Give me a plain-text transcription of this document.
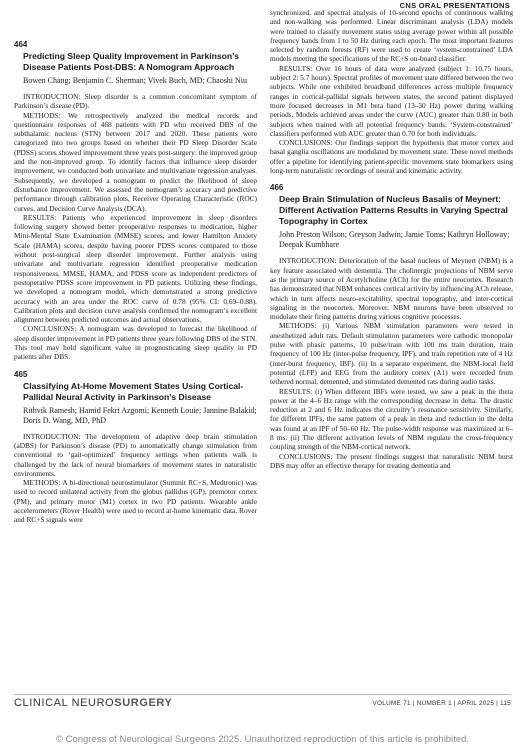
CNS ORAL PRESENTATIONS
464
Predicting Sleep Quality Improvement in Parkinson’s Disease Patients Post-DBS: A Nomogram Approach
Bowen Chang; Benjamin C. Sherman; Vivek Buch, MD; Chaoshi Niu

INTRODUCTION: Sleep disorder is a common concomitant symptom of Parkinson’s disease (PD).

METHODS: We retrospectively analyzed the medical records and questionnaire responses of 468 patients with PD who received DBS of the subthalamic nucleus (STN) between 2017 and 2020. These patients were categorized into two groups based on whether their PD Sleep Disorder Scale (PDSS) scores showed improvement three years post-surgery: the improved group and the non-improved group. To identify factors that influence sleep disorder improvement, we conducted both univariate and multivariate regression analyses. Subsequently, we developed a nomogram to predict the likelihood of sleep disturbance improvement. We assessed the nomogram’s accuracy and predictive performance through calibration plots, Receiver Operating Characteristic (ROC) curves, and Decision Curve Analysis (DCA).

RESULTS: Patients who experienced improvement in sleep disorders following surgery showed better preoperative responses to medication, higher Mini-Mental State Examination (MMSE) scores, and lower Hamilton Anxiety Scale (HAMA) scores, despite having poorer PDSS scores compared to those without post-surgical sleep disorder improvement. Further analysis using univariate and multivariate regression identified preoperative medication responsiveness, MMSE, HAMA, and PDSS score as independent predictors of postoperative PDSS score improvement in PD patients. Utilizing these findings, we developed a nomogram model, which demonstrated a strong predictive accuracy with an area under the ROC curve of 0.78 (95% CI: 0.69–0.88). Calibration plots and decision curve analysis confirmed the nomogram’s excellent alignment between predicted outcomes and actual observations.

CONCLUSIONS: A nomogram was developed to forecast the likelihood of sleep disorder improvement in PD patients three years following DBS of the STN. This tool may hold significant value in prognosticating sleep quality in PD patients after DBS.

465
Classifying At-Home Movement States Using Cortical-Pallidal Neural Activity in Parkinson’s Disease
Rithvik Ramesh; Hamid Fekri Azgomi; Kenneth Louie; Jannine Balakid; Doris D. Wang, MD, PhD

INTRODUCTION: The development of adaptive deep brain stimulation (aDBS) for Parkinson’s disease (PD) to automatically change stimulation from conventional to ‘gait-optimized’ frequency settings when patients walk is challenged by the lack of neural biomarkers of movement states in naturalistic environments.

METHODS: A bi-directional neurostimulator (Summit RC+S, Medtronic) was used to record unilateral activity from the globus pallidus (GP), premotor cortex (PM), and primary motor (M1) cortex in two PD patients. Wearable ankle accelerometers (Rover Health) were used to record at-home kinematic data. Rover and RC+S signals were

synchronized, and spectral analysis of 10-second epochs of continuous walking and non-walking was performed. Linear discriminant analysis (LDA) models were trained to classify movement states using average power within all possible frequency bands from 1 to 50 Hz during each epoch. The most important features selected by random forests (RF) were used to create ‘system-constrained’ LDA models meeting the specifications of the RC+S on-board classifier.

RESULTS: Over 16 hours of data were analyzed (subject 1: 10.75 hours, subject 2: 5.7 hours). Spectral profiles of movement state differed between the two subjects. While one exhibited broadband differences across multiple frequency ranges in cortical-pallidal signals between states, the second patient displayed more focused decreases in M1 beta band (13–30 Hz) power during walking periods. Models achieved areas under the curve (AUC) greater than 0.80 in both subjects when trained with all potential frequency bands. ‘System-constrained’ classifiers performed with AUC greater than 0.70 for both individuals.

CONCLUSIONS: Our findings support the hypothesis that motor cortex and basal ganglia oscillations are modulated by movement state. These novel methods offer a pipeline for identifying patient-specific movement state biomarkers using long-term naturalistic recordings of neural and kinematic activity.

466
Deep Brain Stimulation of Nucleus Basalis of Meynert: Different Activation Patterns Results in Varying Spectral Topography in Cortex
John Preston Wilson; Greyson Jadwin; Jamie Toms; Kathryn Holloway; Deepak Kumbhare

INTRODUCTION: Deterioration of the basal nucleus of Meynert (NBM) is a key feature associated with dementia. The cholinergic projections of NBM serve as the primary source of Acetylcholine (ACh) for the entire neocortex. Research has demonstrated that NBM enhances cortical activity by influencing ACh release, which in turn affects neuro-excitability, spectral topography, and inter-cortical signaling in the neocortex. Moreover, NBM neurons have been observed to modulate their firing patterns during various cognitive processes.

METHODS: (i) Various NBM stimulation parameters were tested in anesthetized adult rats. Default stimulation parameters were cathodic monopolar pulse with phasic patterns, 10 pulse/train with 100 ms train duration, train frequency of 100 Hz (inter-pulse frequency, IPF), and train repetition rate of 4 Hz (inter-burst frequency, IBF). (ii) In a separate experiment, the NBM-local field potential (LFP) and EEG from the auditory cortex (A1) were recorded from tethered normal, demented, and stimulated demented rats during audio tasks.

RESULTS: (i) When different IBFs were tested, we saw a peak in the theta power at the 4–6 Hz range with the corresponding decrease in delta. The drastic reduction at 2 and 6 Hz indicates the circuitry’s resonance sensitivity. Similarly, for different IPFs, the same pattern of a peak in theta and reduction in the delta was found at an IPF of 50–60 Hz. The pulse-width response was maximized at 6–8 ms. (ii) The different activation levels of NBM regulate the cross-frequency coupling strength of the NBM-cortical network.

CONCLUSIONS: The present findings suggest that naturalistic NBM burst DBS may offer an effective therapy for treating dementia and

CLINICAL NEUROSURGERY	VOLUME 71 | NUMBER 1 | APRIL 2025 | 115
© Congress of Neurological Surgeons 2025. Unauthorized reproduction of this article is prohibited.
